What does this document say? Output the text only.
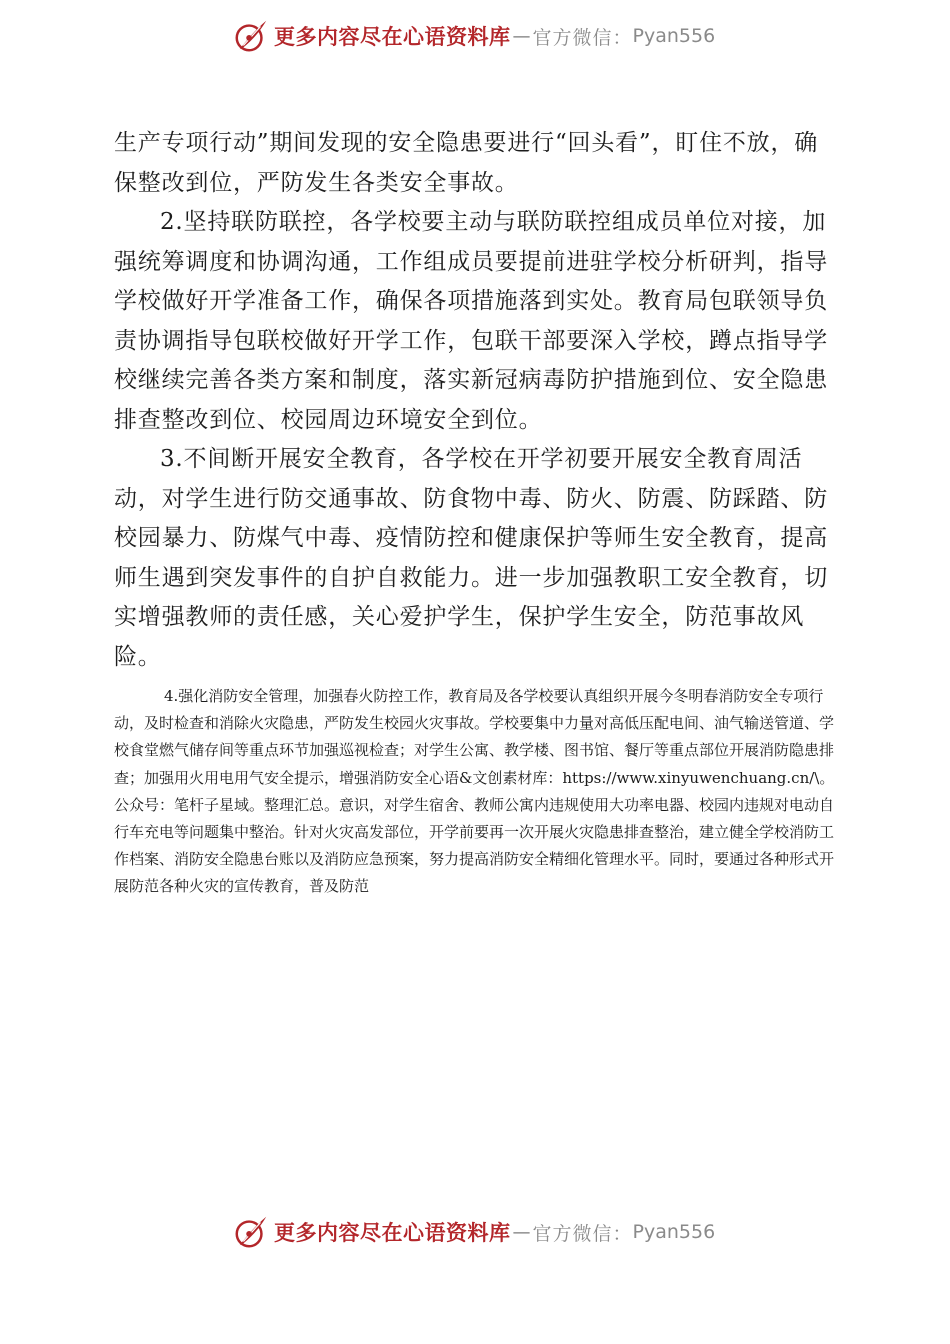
更多内容尽在心语资料库 — 官方微信： Pyan556

生产专项行动”期间发现的安全隐患要进行“回头看”，盯住不放，确保整改到位，严防发生各类安全事故。

2.坚持联防联控，各学校要主动与联防联控组成员单位对接，加强统筹调度和协调沟通，工作组成员要提前进驻学校分析研判，指导学校做好开学准备工作，确保各项措施落到实处。教育局包联领导负责协调指导包联校做好开学工作，包联干部要深入学校，蹲点指导学校继续完善各类方案和制度，落实新冠病毒防护措施到位、安全隐患排查整改到位、校园周边环境安全到位。

3.不间断开展安全教育，各学校在开学初要开展安全教育周活动，对学生进行防交通事故、防食物中毒、防火、防震、防踩踏、防校园暴力、防煤气中毒、疫情防控和健康保护等师生安全教育，提高师生遇到突发事件的自护自救能力。进一步加强教职工安全教育，切实增强教师的责任感，关心爱护学生，保护学生安全，防范事故风险。

4.强化消防安全管理，加强春火防控工作，教育局及各学校要认真组织开展今冬明春消防安全专项行动，及时检查和消除火灾隐患，严防发生校园火灾事故。学校要集中力量对高低压配电间、油气输送管道、学校食堂燃气储存间等重点环节加强巡视检查；对学生公寓、教学楼、图书馆、餐厅等重点部位开展消防隐患排查；加强用火用电用气安全提示，增强消防安全心语&文创素材库：https://www.xinyuwenchuang.cn/\。公众号：笔杆子星域。整理汇总。意识，对学生宿舍、教师公寓内违规使用大功率电器、校园内违规对电动自行车充电等问题集中整治。针对火灾高发部位，开学前要再一次开展火灾隐患排查整治，建立健全学校消防工作档案、消防安全隐患台账以及消防应急预案，努力提高消防安全精细化管理水平。同时，要通过各种形式开展防范各种火灾的宣传教育，普及防范

更多内容尽在心语资料库 — 官方微信： Pyan556
